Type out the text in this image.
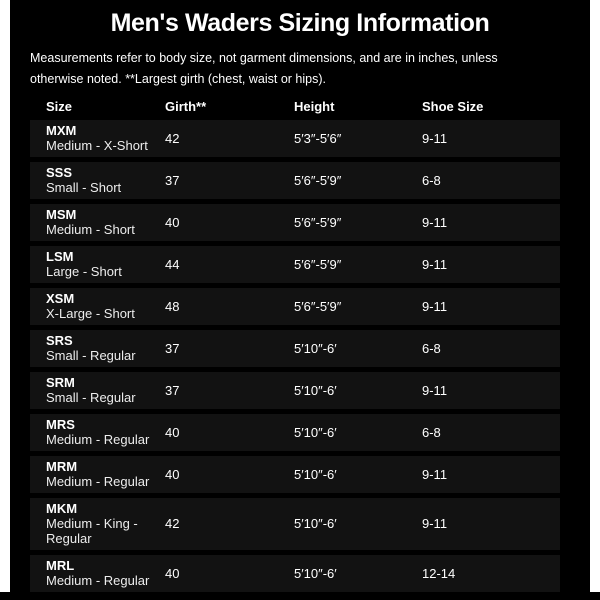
Men's Waders Sizing Information

Measurements refer to body size, not garment dimensions, and are in inches, unless otherwise noted. **Largest girth (chest, waist or hips).

Size	Girth**	Height	Shoe Size
MXM
Medium - X-Short	42	5′3″-5′6″	9-11
SSS
Small - Short	37	5′6″-5′9″	6-8
MSM
Medium - Short	40	5′6″-5′9″	9-11
LSM
Large - Short	44	5′6″-5′9″	9-11
XSM
X-Large - Short	48	5′6″-5′9″	9-11
SRS
Small - Regular	37	5′10″-6′	6-8
SRM
Small - Regular	37	5′10″-6′	9-11
MRS
Medium - Regular	40	5′10″-6′	6-8
MRM
Medium - Regular	40	5′10″-6′	9-11
MKM
Medium - King - Regular
42	5′10″-6′	9-11
MRL
Medium - Regular	40	5′10″-6′	12-14
